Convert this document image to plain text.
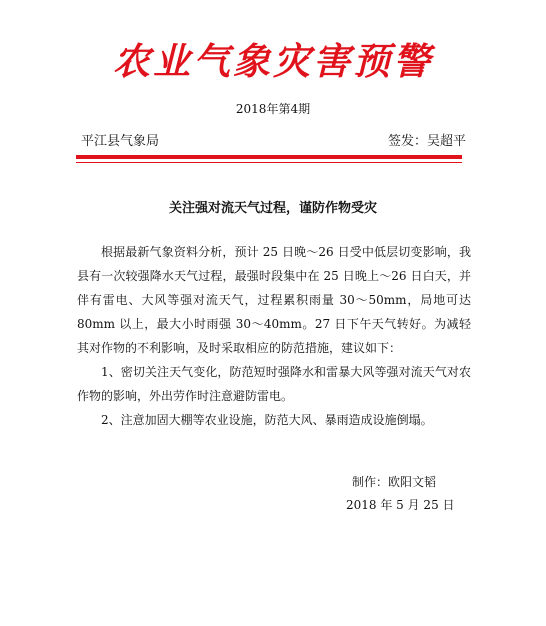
农业气象灾害预警
2018年第4期
平江县气象局	签发：吴超平
关注强对流天气过程，谨防作物受灾

根据最新气象资料分析，预计 25 日晚～26 日受中低层切变影响，我县有一次较强降水天气过程，最强时段集中在 25 日晚上～26 日白天，并伴有雷电、大风等强对流天气，过程累积雨量 30～50mm，局地可达 80mm 以上，最大小时雨强 30～40mm。27 日下午天气转好。为减轻其对作物的不利影响，及时采取相应的防范措施，建议如下：

1、密切关注天气变化，防范短时强降水和雷暴大风等强对流天气对农作物的影响，外出劳作时注意避防雷电。

2、注意加固大棚等农业设施，防范大风、暴雨造成设施倒塌。

制作：欧阳文韬
2018 年 5 月 25 日
